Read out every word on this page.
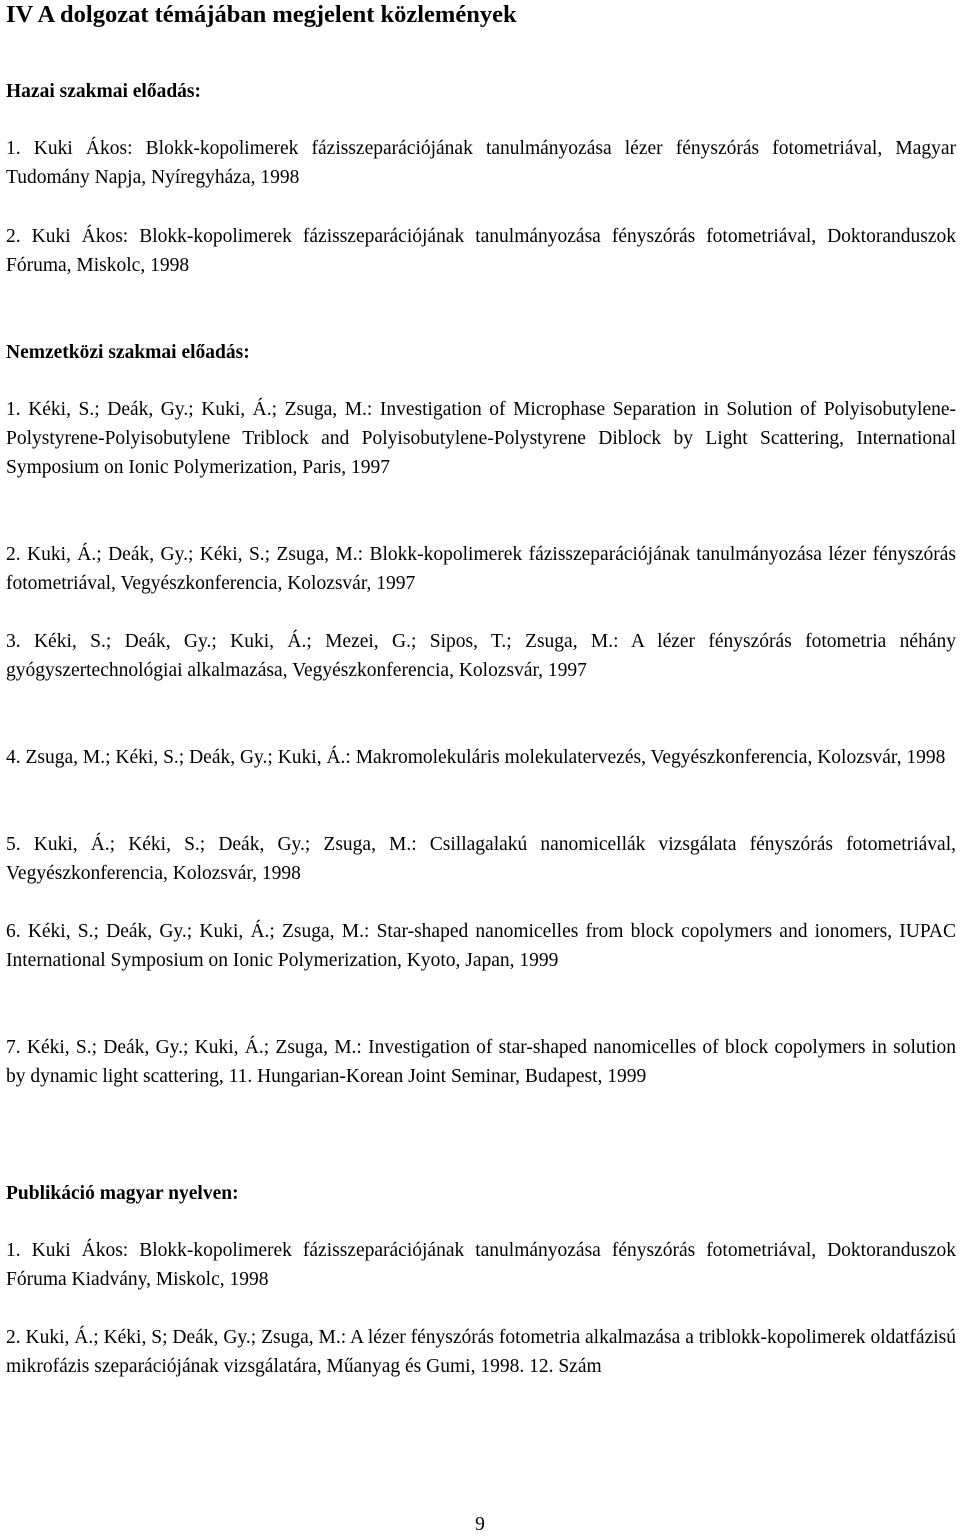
IV A dolgozat témájában megjelent közlemények
Hazai szakmai előadás:
1. Kuki Ákos: Blokk-kopolimerek fázisszeparációjának tanulmányozása lézer fényszórás fotometriával, Magyar Tudomány Napja, Nyíregyháza, 1998
2. Kuki Ákos: Blokk-kopolimerek fázisszeparációjának tanulmányozása fényszórás fotometriával, Doktoranduszok Fóruma, Miskolc, 1998
Nemzetközi szakmai előadás:
1. Kéki, S.; Deák, Gy.; Kuki, Á.; Zsuga, M.: Investigation of Microphase Separation in Solution of Polyisobutylene-Polystyrene-Polyisobutylene Triblock and Polyisobutylene-Polystyrene Diblock by Light Scattering, International Symposium on Ionic Polymerization, Paris, 1997
2. Kuki, Á.; Deák, Gy.; Kéki, S.; Zsuga, M.: Blokk-kopolimerek fázisszeparációjának tanulmányozása lézer fényszórás fotometriával, Vegyészkonferencia, Kolozsvár, 1997
3. Kéki, S.; Deák, Gy.; Kuki, Á.; Mezei, G.; Sipos, T.; Zsuga, M.: A lézer fényszórás fotometria néhány gyógyszertechnológiai alkalmazása, Vegyészkonferencia, Kolozsvár, 1997
4. Zsuga, M.; Kéki, S.; Deák, Gy.; Kuki, Á.: Makromolekuláris molekulatervezés, Vegyészkonferencia, Kolozsvár, 1998
5. Kuki, Á.; Kéki, S.; Deák, Gy.; Zsuga, M.: Csillagalakú nanomicellák vizsgálata fényszórás fotometriával, Vegyészkonferencia, Kolozsvár, 1998
6. Kéki, S.; Deák, Gy.; Kuki, Á.; Zsuga, M.: Star-shaped nanomicelles from block copolymers and ionomers, IUPAC International Symposium on Ionic Polymerization, Kyoto, Japan, 1999
7. Kéki, S.; Deák, Gy.; Kuki, Á.; Zsuga, M.: Investigation of star-shaped nanomicelles of block copolymers in solution by dynamic light scattering, 11. Hungarian-Korean Joint Seminar, Budapest, 1999
Publikáció magyar nyelven:
1. Kuki Ákos: Blokk-kopolimerek fázisszeparációjának tanulmányozása fényszórás fotometriával, Doktoranduszok Fóruma Kiadvány, Miskolc, 1998
2. Kuki, Á.; Kéki, S; Deák, Gy.; Zsuga, M.: A lézer fényszórás fotometria alkalmazása a triblokk-kopolimerek oldatfázisú mikrofázis szeparációjának vizsgálatára, Műanyag és Gumi, 1998. 12. Szám
9
